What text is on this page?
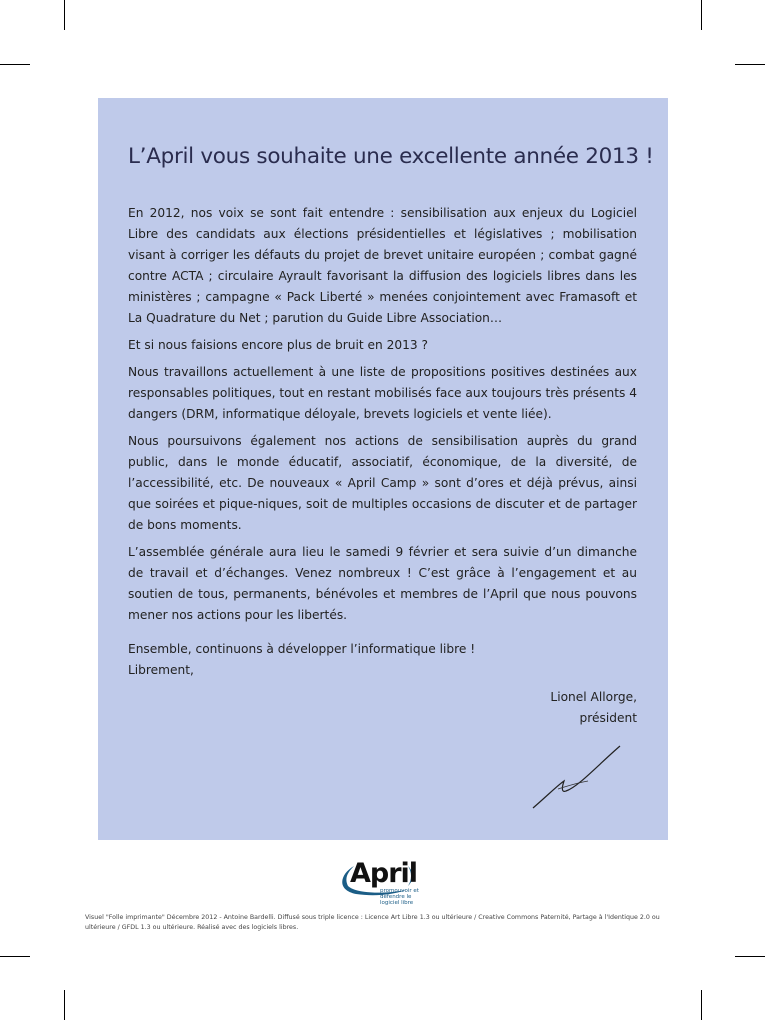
L’April vous souhaite une excellente année 2013 !

En 2012, nos voix se sont fait entendre : sensibilisation aux enjeux du Logiciel Libre des candidats aux élections présidentielles et législatives ; mobilisation visant à corriger les défauts du projet de brevet unitaire européen ; combat gagné contre ACTA ; circulaire Ayrault favorisant la diffusion des logiciels libres dans les ministères ; campagne « Pack Liberté » menées conjointement avec Framasoft et La Quadrature du Net ; parution du Guide Libre Association…

Et si nous faisions encore plus de bruit en 2013 ?

Nous travaillons actuellement à une liste de propositions positives destinées aux responsables politiques, tout en restant mobilisés face aux toujours très présents 4 dangers (DRM, informatique déloyale, brevets logiciels et vente liée).

Nous poursuivons également nos actions de sensibilisation auprès du grand public, dans le monde éducatif, associatif, économique, de la diversité, de l’accessibilité, etc. De nouveaux « April Camp » sont d’ores et déjà prévus, ainsi que soirées et pique-niques, soit de multiples occasions de discuter et de partager de bons moments.

L’assemblée générale aura lieu le samedi 9 février et sera suivie d’un dimanche de travail et d’échanges. Venez nombreux ! C’est grâce à l’engagement et au soutien de tous, permanents, bénévoles et membres de l’April que nous pouvons mener nos actions pour les libertés.

Ensemble, continuons à développer l’informatique libre !
Librement,
Lionel Allorge,
président
April
promouvoir et défendre le logiciel libre
Visuel "Folle imprimante" Décembre 2012 - Antoine Bardelli. Diffusé sous triple licence : Licence Art Libre 1.3 ou ultérieure / Creative Commons Paternité, Partage à l'Identique 2.0 ou ultérieure / GFDL 1.3 ou ultérieure. Réalisé avec des logiciels libres.
